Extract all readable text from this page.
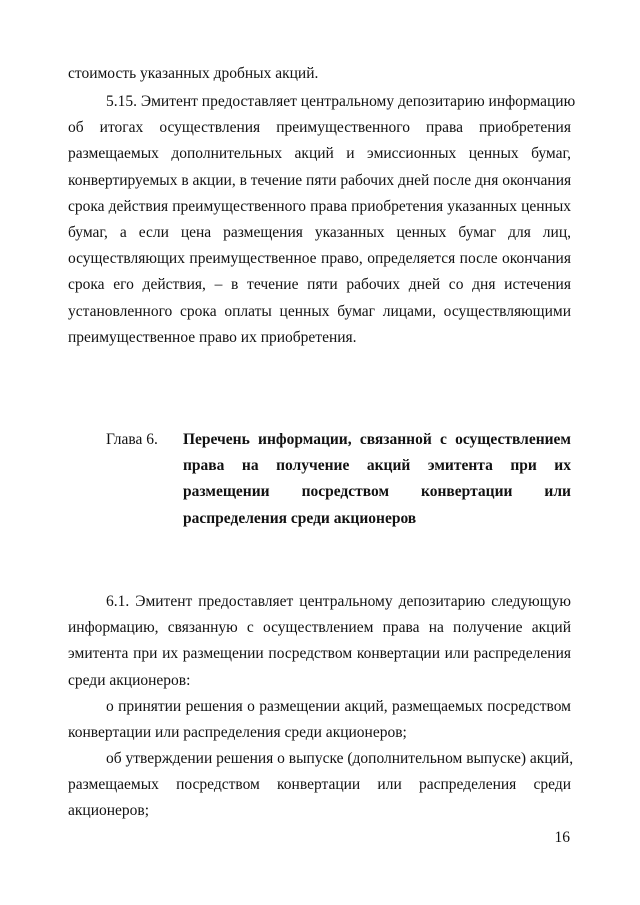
стоимость указанных дробных акций.
5.15. Эмитент предоставляет центральному депозитарию информацию
об итогах осуществления преимущественного права приобретения
размещаемых дополнительных акций и эмиссионных ценных бумаг,
конвертируемых в акции, в течение пяти рабочих дней после дня окончания
срока действия преимущественного права приобретения указанных ценных
бумаг, а если цена размещения указанных ценных бумаг для лиц,
осуществляющих преимущественное право, определяется после окончания
срока его действия, – в течение пяти рабочих дней со дня истечения
установленного срока оплаты ценных бумаг лицами, осуществляющими
преимущественное право их приобретения.
Глава 6. Перечень информации, связанной с осуществлением
права на получение акций эмитента при их
размещении посредством конвертации или
распределения среди акционеров
6.1. Эмитент предоставляет центральному депозитарию следующую
информацию, связанную с осуществлением права на получение акций
эмитента при их размещении посредством конвертации или распределения
среди акционеров:
о принятии решения о размещении акций, размещаемых посредством
конвертации или распределения среди акционеров;
об утверждении решения о выпуске (дополнительном выпуске) акций,
размещаемых посредством конвертации или распределения среди
акционеров;
16
